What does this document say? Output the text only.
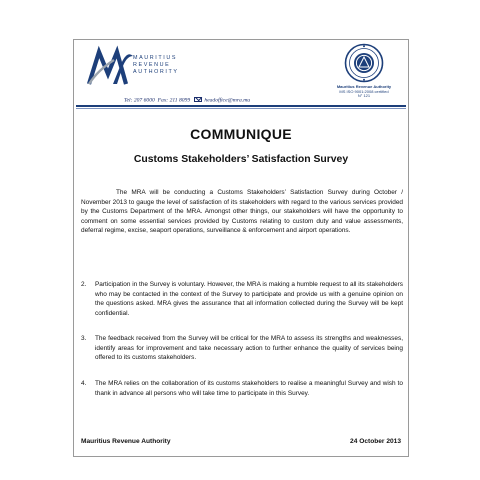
MAURITIUS
REVENUE
AUTHORITY
Mauritius Revenue Authority
MS ISO 9001:2008 certified
N° 121
Tel: 207 6000 Fax: 211 8099	headoffice@mra.mu
COMMUNIQUE
Customs Stakeholders’ Satisfaction Survey
The MRA will be conducting a Customs Stakeholders’ Satisfaction Survey during October / November 2013 to gauge the level of satisfaction of its stakeholders with regard to the various services provided by the Customs Department of the MRA. Amongst other things, our stakeholders will have the opportunity to comment on some essential services provided by Customs relating to custom duty and value assessments, deferral regime, excise, seaport operations, surveillance & enforcement and airport operations.
2. Participation in the Survey is voluntary. However, the MRA is making a humble request to all its stakeholders who may be contacted in the context of the Survey to participate and provide us with a genuine opinion on the questions asked. MRA gives the assurance that all information collected during the Survey will be kept confidential.
3. The feedback received from the Survey will be critical for the MRA to assess its strengths and weaknesses, identify areas for improvement and take necessary action to further enhance the quality of services being offered to its customs stakeholders.
4. The MRA relies on the collaboration of its customs stakeholders to realise a meaningful Survey and wish to thank in advance all persons who will take time to participate in this Survey.
Mauritius Revenue Authority	24 October 2013
